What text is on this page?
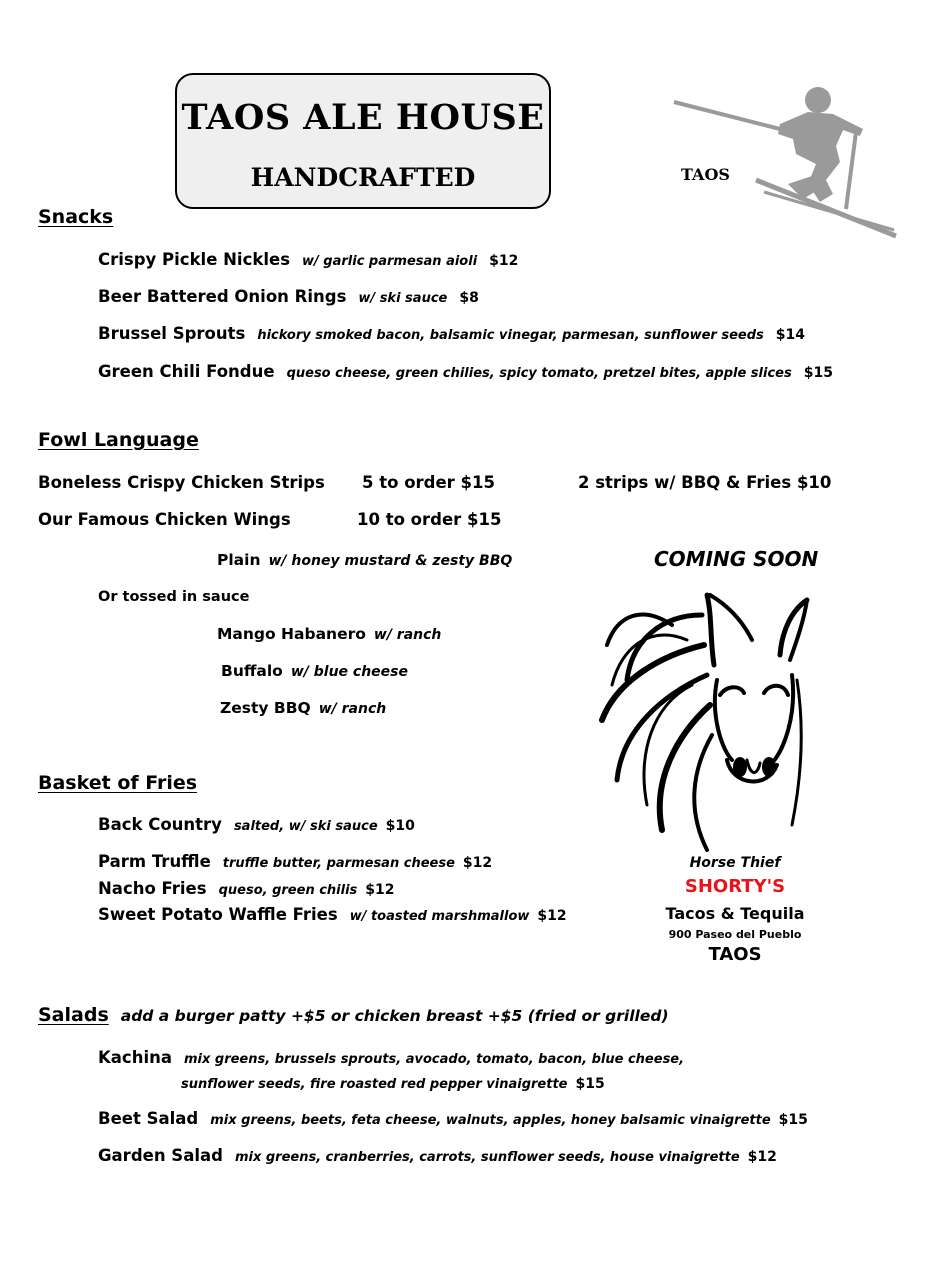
TAOS ALE HOUSE
HANDCRAFTED	TAOS
Snacks
Crispy Pickle Nickles w/ garlic parmesan aioli $12
Beer Battered Onion Rings w/ ski sauce $8
Brussel Sprouts hickory smoked bacon, balsamic vinegar, parmesan, sunflower seeds $14
Green Chili Fondue queso cheese, green chilies, spicy tomato, pretzel bites, apple slices $15
Fowl Language
Boneless Crispy Chicken Strips 5 to order $15	2 strips w/ BBQ & Fries $10
Our Famous Chicken Wings	10 to order $15
Plain w/ honey mustard & zesty BBQ
Or tossed in sauce
Mango Habanero w/ ranch
Buffalo w/ blue cheese
Zesty BBQ w/ ranch
Basket of Fries
Back Country salted, w/ ski sauce $10
Parm Truffle truffle butter, parmesan cheese $12
Nacho Fries queso, green chilis $12
Sweet Potato Waffle Fries w/ toasted marshmallow $12
COMING SOON
Horse Thief
SHORTY'S
Tacos & Tequila
900 Paseo del Pueblo
TAOS
Salads add a burger patty +$5 or chicken breast +$5 (fried or grilled)
Kachina mix greens, brussels sprouts, avocado, tomato, bacon, blue cheese,
sunflower seeds, fire roasted red pepper vinaigrette $15
Beet Salad mix greens, beets, feta cheese, walnuts, apples, honey balsamic vinaigrette $15
Garden Salad mix greens, cranberries, carrots, sunflower seeds, house vinaigrette $12
